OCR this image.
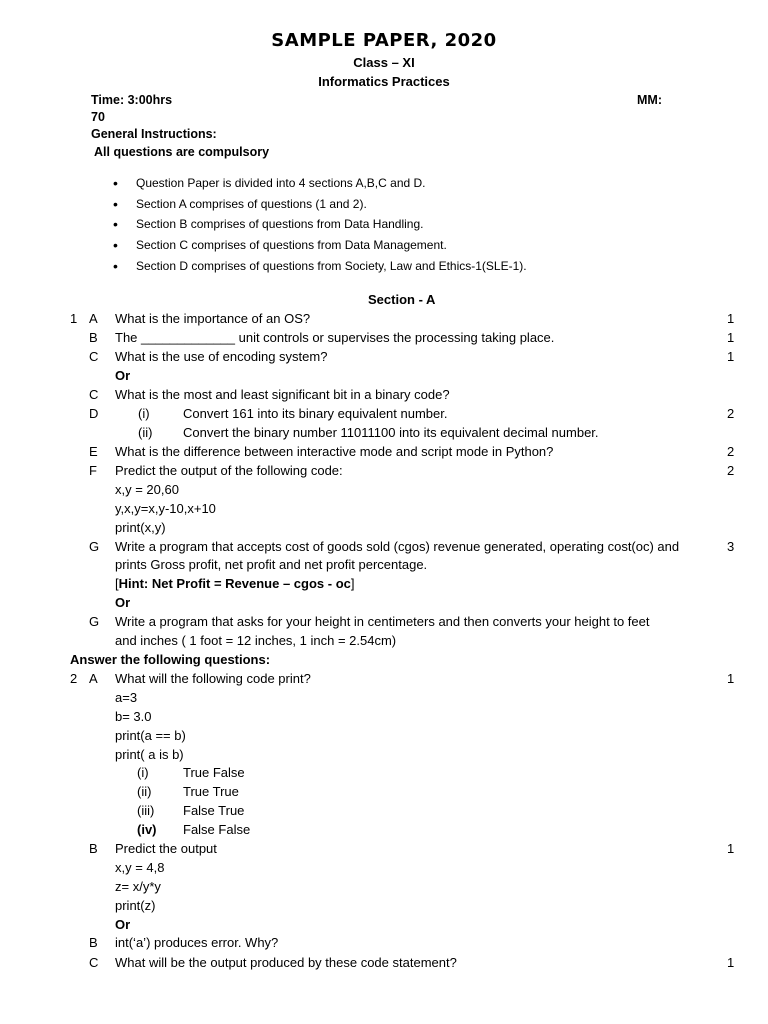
SAMPLE PAPER, 2020
Class – XI
Informatics Practices
Time: 3:00hrs	MM:
70
General Instructions:
All questions are compulsory
• Question Paper is divided into 4 sections A,B,C and D.
• Section A comprises of questions (1 and 2).
• Section B comprises of questions from Data Handling.
• Section C comprises of questions from Data Management.
• Section D comprises of questions from Society, Law and Ethics-1(SLE-1).
Section - A
1 A What is the importance of an OS?	1
B The _____________ unit controls or supervises the processing taking place.	1
C What is the use of encoding system?	1
Or
C What is the most and least significant bit in a binary code?
D	(i)	Convert 161 into its binary equivalent number.	2
(ii) Convert the binary number 11011100 into its equivalent decimal number.
E What is the difference between interactive mode and script mode in Python?	2
F Predict the output of the following code:	2
x,y = 20,60
y,x,y=x,y-10,x+10
print(x,y)
G Write a program that accepts cost of goods sold (cgos) revenue generated, operating cost(oc) and	3
prints Gross profit, net profit and net profit percentage.
[Hint: Net Profit = Revenue – cgos - oc]
Or
G Write a program that asks for your height in centimeters and then converts your height to feet
and inches ( 1 foot = 12 inches, 1 inch = 2.54cm)
Answer the following questions:
2 A What will the following code print?	1
a=3
b= 3.0
print(a == b)
print( a is b)
(i)	True False
(ii) True True
(iii) False True
(iv) False False
B Predict the output	1
x,y = 4,8
z= x/y*y
print(z)
Or
B int(‘a’) produces error. Why?
C What will be the output produced by these code statement?	1
